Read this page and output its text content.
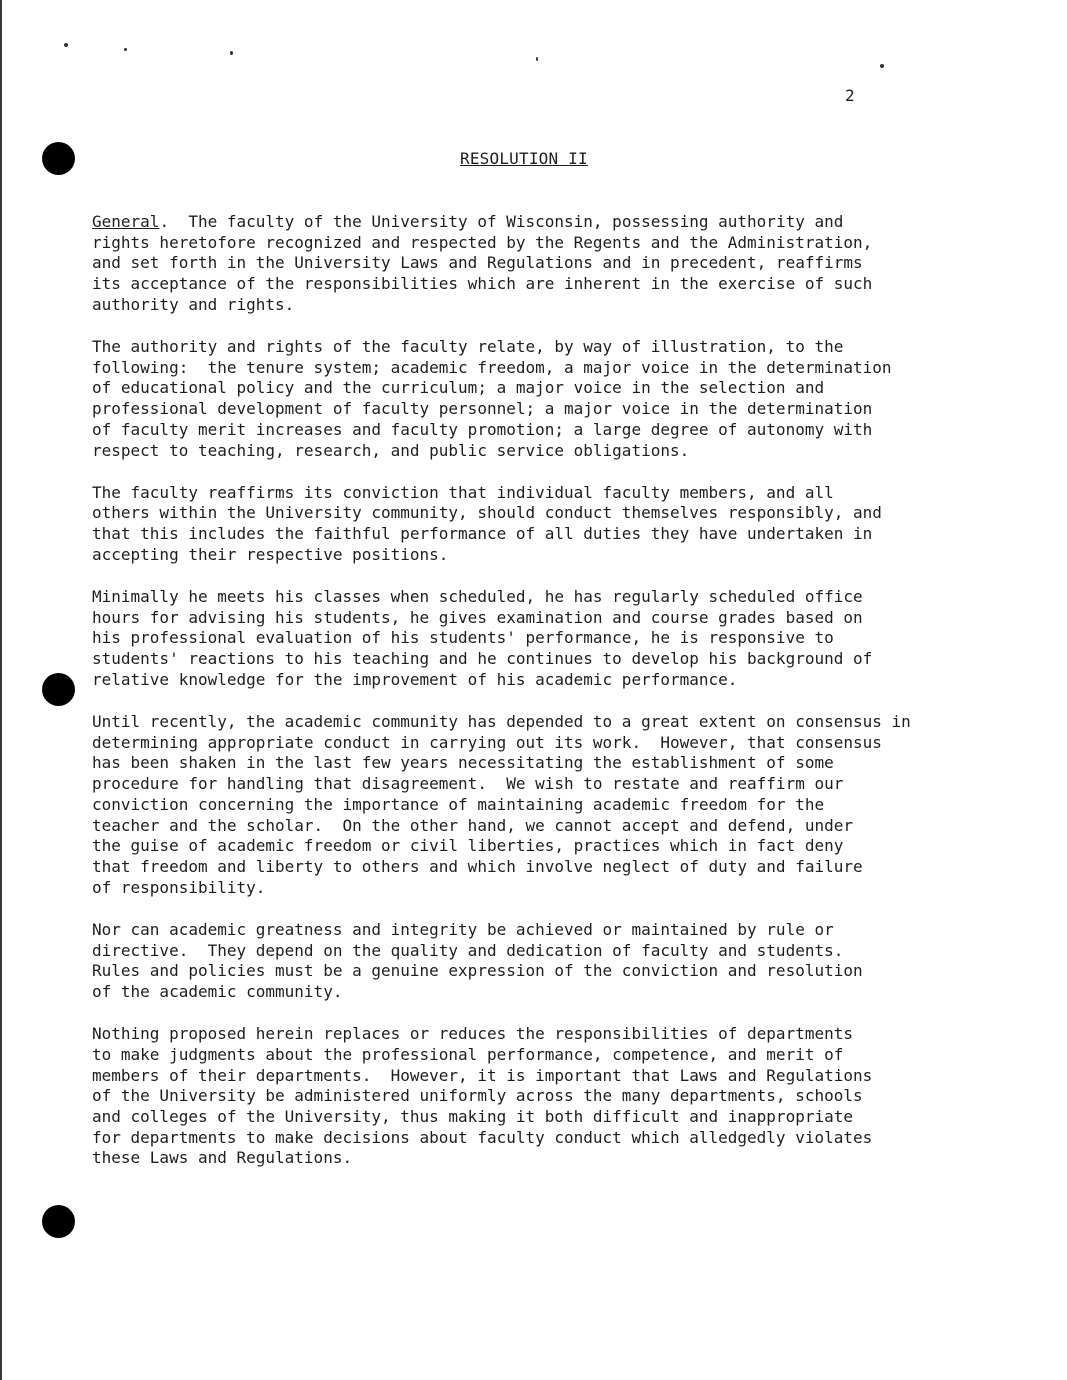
2
RESOLUTION II

General.  The faculty of the University of Wisconsin, possessing authority and
rights heretofore recognized and respected by the Regents and the Administration,
and set forth in the University Laws and Regulations and in precedent, reaffirms
its acceptance of the responsibilities which are inherent in the exercise of such
authority and rights.

The authority and rights of the faculty relate, by way of illustration, to the
following:  the tenure system; academic freedom, a major voice in the determination
of educational policy and the curriculum; a major voice in the selection and
professional development of faculty personnel; a major voice in the determination
of faculty merit increases and faculty promotion; a large degree of autonomy with
respect to teaching, research, and public service obligations.

The faculty reaffirms its conviction that individual faculty members, and all
others within the University community, should conduct themselves responsibly, and
that this includes the faithful performance of all duties they have undertaken in
accepting their respective positions.

Minimally he meets his classes when scheduled, he has regularly scheduled office
hours for advising his students, he gives examination and course grades based on
his professional evaluation of his students' performance, he is responsive to
students' reactions to his teaching and he continues to develop his background of
relative knowledge for the improvement of his academic performance.

Until recently, the academic community has depended to a great extent on consensus in
determining appropriate conduct in carrying out its work.  However, that consensus
has been shaken in the last few years necessitating the establishment of some
procedure for handling that disagreement.  We wish to restate and reaffirm our
conviction concerning the importance of maintaining academic freedom for the
teacher and the scholar.  On the other hand, we cannot accept and defend, under
the guise of academic freedom or civil liberties, practices which in fact deny
that freedom and liberty to others and which involve neglect of duty and failure
of responsibility.

Nor can academic greatness and integrity be achieved or maintained by rule or
directive.  They depend on the quality and dedication of faculty and students.
Rules and policies must be a genuine expression of the conviction and resolution
of the academic community.

Nothing proposed herein replaces or reduces the responsibilities of departments
to make judgments about the professional performance, competence, and merit of
members of their departments.  However, it is important that Laws and Regulations
of the University be administered uniformly across the many departments, schools
and colleges of the University, thus making it both difficult and inappropriate
for departments to make decisions about faculty conduct which alledgedly violates
these Laws and Regulations.
